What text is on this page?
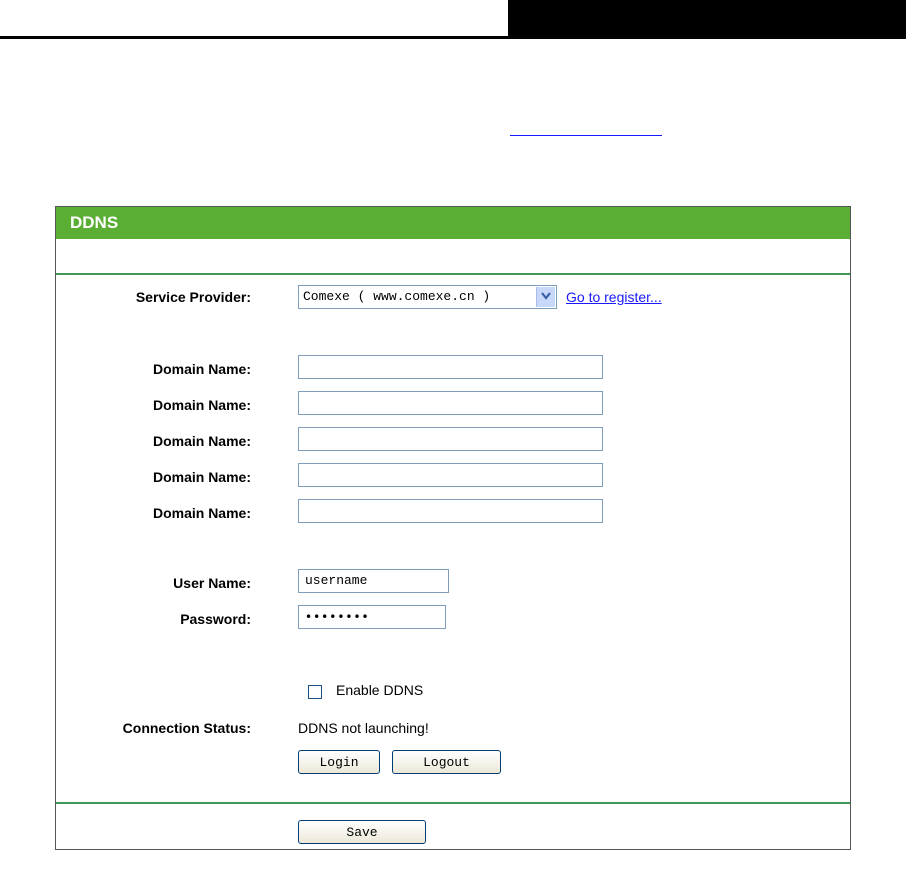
DDNS
Service Provider:	Comexe ( www.comexe.cn )	Go to register...
Domain Name:
Domain Name:
Domain Name:
Domain Name:
Domain Name:
User Name:	username
Password:	••••••••
Enable DDNS
Connection Status:	DDNS not launching!
Login	Logout
Save
